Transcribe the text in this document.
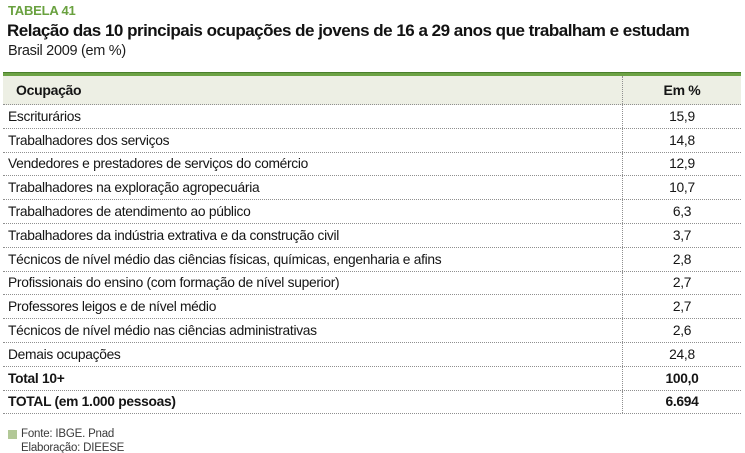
TABELA 41

Relação das 10 principais ocupações de jovens de 16 a 29 anos que trabalham e estudam

Brasil 2009 (em %)

Ocupação	Em %
Escriturários	15,9
Trabalhadores dos serviços	14,8
Vendedores e prestadores de serviços do comércio	12,9
Trabalhadores na exploração agropecuária	10,7
Trabalhadores de atendimento ao público	6,3
Trabalhadores da indústria extrativa e da construção civil	3,7
Técnicos de nível médio das ciências físicas, químicas, engenharia e afins	2,8
Profissionais do ensino (com formação de nível superior)	2,7
Professores leigos e de nível médio	2,7
Técnicos de nível médio nas ciências administrativas	2,6
Demais ocupações	24,8
Total 10+	100,0
TOTAL (em 1.000 pessoas)	6.694
Fonte: IBGE. Pnad
Elaboração: DIEESE
